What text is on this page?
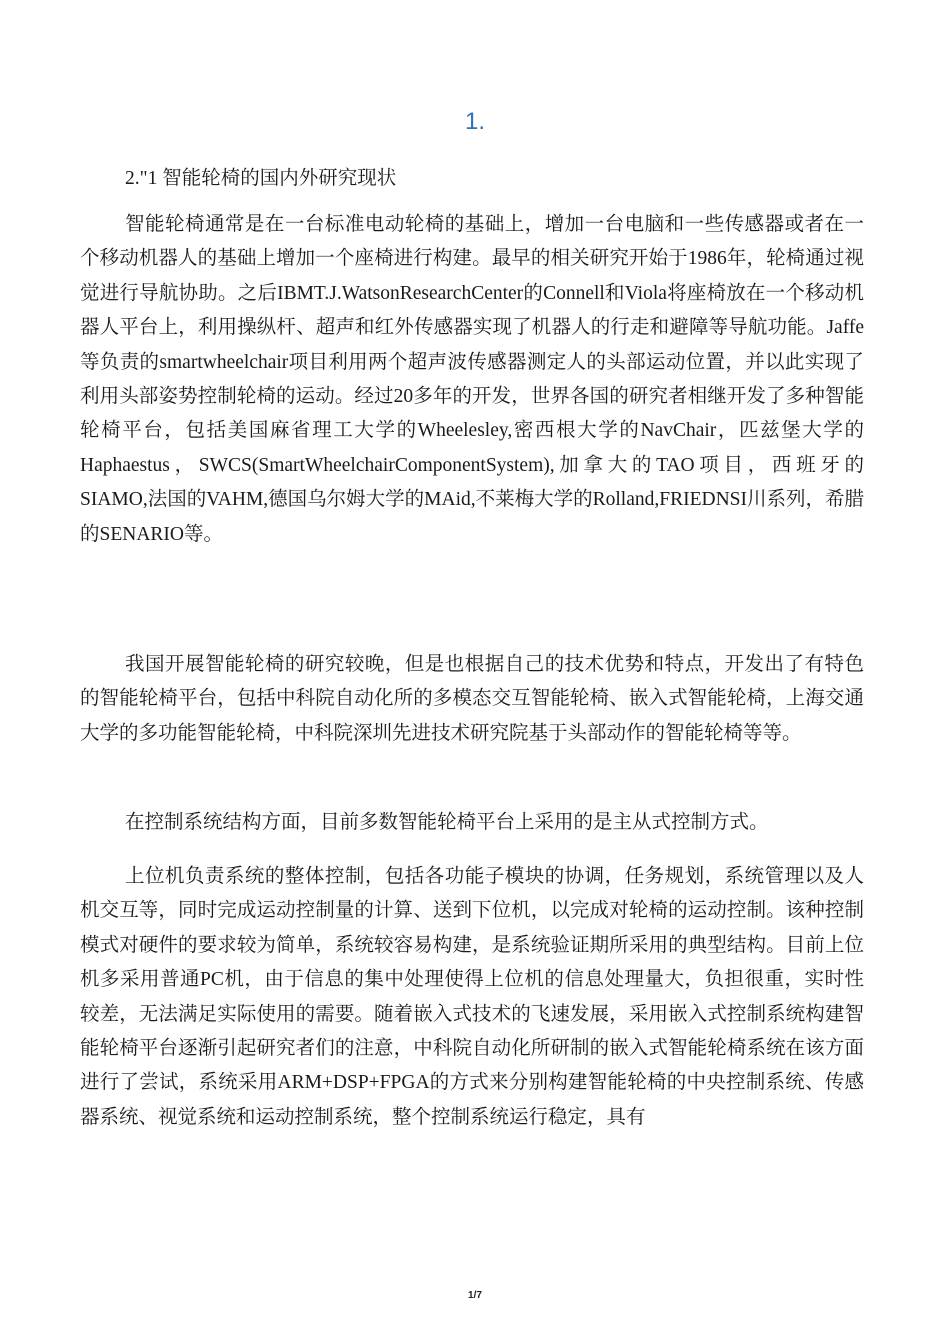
1.
2."1 智能轮椅的国内外研究现状

智能轮椅通常是在一台标准电动轮椅的基础上，增加一台电脑和一些传感器或者在一个移动机器人的基础上增加一个座椅进行构建。最早的相关研究开始于1986年，轮椅通过视觉进行导航协助。之后IBMT.J.WatsonResearchCenter的Connell和Viola将座椅放在一个移动机器人平台上，利用操纵杆、超声和红外传感器实现了机器人的行走和避障等导航功能。Jaffe等负责的smartwheelchair项目利用两个超声波传感器测定人的头部运动位置，并以此实现了利用头部姿势控制轮椅的运动。经过20多年的开发，世界各国的研究者相继开发了多种智能轮椅平台，包括美国麻省理工大学的Wheelesley,密西根大学的NavChair，匹兹堡大学的Haphaestus，SWCS(SmartWheelchairComponentSystem),加拿大的TAO项目，西班牙的SIAMO,法国的VAHM,德国乌尔姆大学的MAid,不莱梅大学的Rolland,FRIEDNSI川系列，希腊的SENARIO等。

我国开展智能轮椅的研究较晚，但是也根据自己的技术优势和特点，开发出了有特色的智能轮椅平台，包括中科院自动化所的多模态交互智能轮椅、嵌入式智能轮椅，上海交通大学的多功能智能轮椅，中科院深圳先进技术研究院基于头部动作的智能轮椅等等。

在控制系统结构方面，目前多数智能轮椅平台上采用的是主从式控制方式。

上位机负责系统的整体控制，包括各功能子模块的协调，任务规划，系统管理以及人机交互等，同时完成运动控制量的计算、送到下位机，以完成对轮椅的运动控制。该种控制模式对硬件的要求较为简单，系统较容易构建，是系统验证期所采用的典型结构。目前上位机多采用普通PC机，由于信息的集中处理使得上位机的信息处理量大，负担很重，实时性较差，无法满足实际使用的需要。随着嵌入式技术的飞速发展，采用嵌入式控制系统构建智能轮椅平台逐渐引起研究者们的注意，中科院自动化所研制的嵌入式智能轮椅系统在该方面进行了尝试，系统采用ARM+DSP+FPGA的方式来分别构建智能轮椅的中央控制系统、传感器系统、视觉系统和运动控制系统，整个控制系统运行稳定，具有

1/7
